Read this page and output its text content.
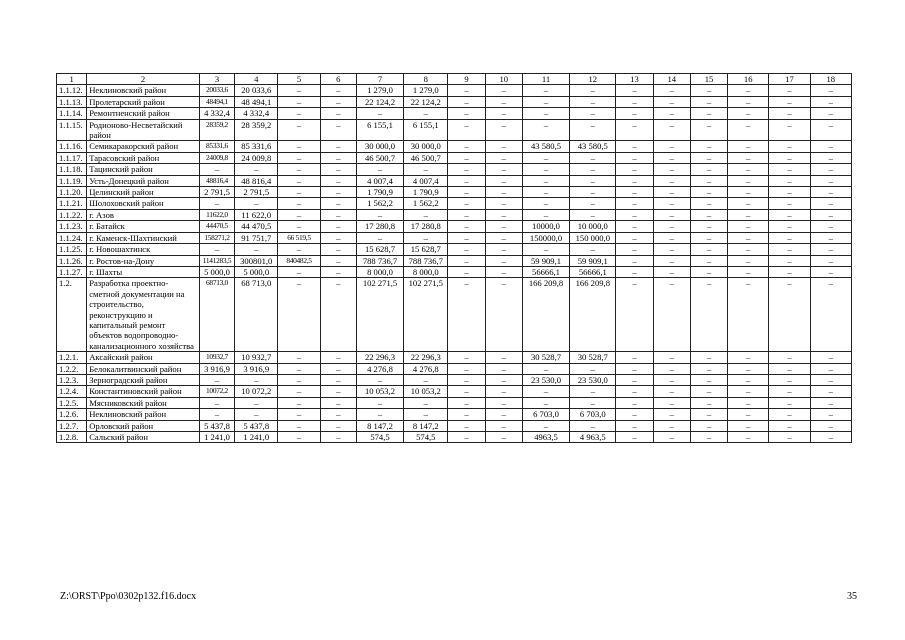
1	2	3	4	5	6	7	8	9	10	11	12	13	14	15	16	17	18
1.1.12.	Неклиновский район	20033,6	20 033,6	–	–	1 279,0	1 279,0	–	–	–	–	–	–	–	–	–	–
1.1.13.	Пролетарский район	48494,1	48 494,1	–	–	22 124,2	22 124,2	–	–	–	–	–	–	–	–	–	–
1.1.14.	Ремонтненский район	4 332,4	4 332,4	–	–	–	–	–	–	–	–	–	–	–	–	–	–
1.1.15.	Родионово-Несветайский район	28359,2	28 359,2	–	–	6 155,1	6 155,1	–	–	–	–	–	–	–	–	–	–
1.1.16.	Семикаракорский район	85331,6	85 331,6	–	–	30 000,0	30 000,0	–	–	43 580,5	43 580,5	–	–	–	–	–	–
1.1.17.	Тарасовский район	24009,8	24 009,8	–	–	46 500,7	46 500,7	–	–	–	–	–	–	–	–	–	–
1.1.18.	Тацинский район	–	–	–	–	–	–	–	–	–	–	–	–	–	–	–	–
1.1.19.	Усть-Донецкий район	48816,4	48 816,4	–	–	4 007,4	4 007,4	–	–	–	–	–	–	–	–	–	–
1.1.20.	Целинский район	2 791,5	2 791,5	–	–	1 790,9	1 790,9	–	–	–	–	–	–	–	–	–	–
1.1.21.	Шолоховский район	–	–	–	–	1 562,2	1 562,2	–	–	–	–	–	–	–	–	–	–
1.1.22.	г. Азов	11622,0	11 622,0	–	–	–	–	–	–	–	–	–	–	–	–	–	–
1.1.23.	г. Батайск	44470,5	44 470,5	–	–	17 280,8	17 280,8	–	–	10000,0	10 000,0	–	–	–	–	–	–
1.1.24.	г. Каменск-Шахтинский	158271,2	91 751,7	66 519,5	–	–	–	–	–	150000,0	150 000,0	–	–	–	–	–	–
1.1.25.	г. Новошахтинск	–	–	–	–	15 628,7	15 628,7	–	–	–	–	–	–	–	–	–	–
1.1.26.	г. Ростов-на-Дону	1141283,5	300801,0	840482,5	–	788 736,7	788 736,7	–	–	59 909,1	59 909,1	–	–	–	–	–	–
1.1.27.	г. Шахты	5 000,0	5 000,0	–	–	8 000,0	8 000,0	–	–	56666,1	56666,1	–	–	–	–	–	–
1.2.	Разработка проектно- сметной документации на строительство, реконструкцию и капитальный ремонт объектов водопроводно-канализационного хозяйства	68713,0	68 713,0	–	–	102 271,5	102 271,5	–	–	166 209,8	166 209,8	–	–	–	–	–	–
1.2.1.	Аксайский район	10932,7	10 932,7	–	–	22 296,3	22 296,3	–	–	30 528,7	30 528,7	–	–	–	–	–	–
1.2.2.	Белокалитвинский район	3 916,9	3 916,9	–	–	4 276,8	4 276,8	–	–	–	–	–	–	–	–	–	–
1.2.3.	Зерноградский район	–	–	–	–	–	–	–	–	23 530,0	23 530,0	–	–	–	–	–	–
1.2.4.	Константиновский район	10072,2	10 072,2	–	–	10 053,2	10 053,2	–	–	–	–	–	–	–	–	–	–
1.2.5.	Мясниковский район	–	–	–	–	–	–	–	–	–	–	–	–	–	–	–	–
1.2.6.	Неклиновский район	–	–	–	–	–	–	–	–	6 703,0	6 703,0	–	–	–	–	–	–
1.2.7.	Орловский район	5 437,8	5 437,8	–	–	8 147,2	8 147,2	–	–	–	–	–	–	–	–	–	–
1.2.8.	Сальский район	1 241,0	1 241,0	–	–	574,5	574,5	–	–	4963,5	4 963,5	–	–	–	–	–	–
Z:\ORST\Ppo\0302p132.f16.docx	35
